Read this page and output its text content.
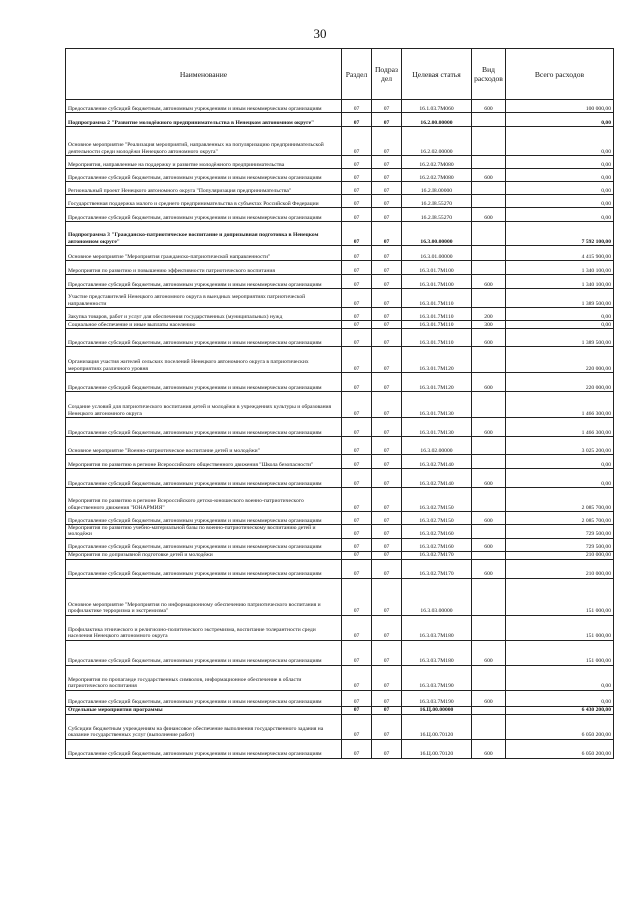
30
Наименование	Раздел	Подраз дел	Целевая статья	Вид расходов	Всего расходов
Предоставление субсидий бюджетным, автономным учреждениям и иным некоммерческим организациям	07	07	16.1.03.7M060	600	100 000,00
Подпрограмма 2 "Развитие молодёжного предпринимательства в Ненецком автономном округе"	07	07	16.2.00.00000		0,00
Основное мероприятие "Реализация мероприятий, направленных на популяризацию предпринимательской деятельности среди молодёжи Ненецкого автономного округа"	07	07	16.2.02.00000		0,00
Мероприятия, направленные на поддержку и развитие молодёжного предпринимательства	07	07	16.2.02.7M080		0,00
Предоставление субсидий бюджетным, автономным учреждениям и иным некоммерческим организациям	07	07	16.2.02.7M080	600	0,00
Региональный проект Ненецкого автономного округа "Популяризация предпринимательства"	07	07	16.2.I8.00000		0,00
Государственная поддержка малого и среднего предпринимательства в субъектах Российской Федерации	07	07	16.2.I8.55270		0,00
Предоставление субсидий бюджетным, автономным учреждениям и иным некоммерческим организациям	07	07	16.2.I8.55270	600	0,00
Подпрограмма 3 "Гражданско-патриотическое воспитание и допризывная подготовка в Ненецком автономном округе"	07	07	16.3.00.00000		7 592 100,00
Основное мероприятие "Мероприятия гражданско-патриотической направленности"	07	07	16.3.01.00000		4 415 900,00
Мероприятия по развитию и повышению эффективности патриотического воспитания	07	07	16.3.01.7M100		1 340 100,00
Предоставление субсидий бюджетным, автономным учреждениям и иным некоммерческим организациям	07	07	16.3.01.7M100	600	1 340 100,00
Участие представителей Ненецкого автономного округа в выездных мероприятиях патриотической направленности	07	07	16.3.01.7M110		1 389 500,00
Закупка товаров, работ и услуг для обеспечения государственных (муниципальных) нужд	07	07	16.3.01.7M110	200	0,00
Социальное обеспечение и иные выплаты населению	07	07	16.3.01.7M110	300	0,00
Предоставление субсидий бюджетным, автономным учреждениям и иным некоммерческим организациям	07	07	16.3.01.7M110	600	1 389 500,00
Организация участия жителей сельских поселений Ненецкого автономного округа в патриотических мероприятиях различного уровня	07	07	16.3.01.7M120		220 000,00
Предоставление субсидий бюджетным, автономным учреждениям и иным некоммерческим организациям	07	07	16.3.01.7M120	600	220 000,00
Создание условий для патриотического воспитания детей и молодёжи в учреждениях культуры и образования Ненецкого автономного округа	07	07	16.3.01.7M130		1 466 300,00
Предоставление субсидий бюджетным, автономным учреждениям и иным некоммерческим организациям	07	07	16.3.01.7M130	600	1 466 300,00
Основное мероприятие "Военно-патриотическое воспитание детей и молодёжи"	07	07	16.3.02.00000		3 025 200,00
Мероприятия по развитию в регионе Всероссийского общественного движения "Школа безопасности"	07	07	16.3.02.7M140		0,00
Предоставление субсидий бюджетным, автономным учреждениям и иным некоммерческим организациям	07	07	16.3.02.7M140	600	0,00
Мероприятия по развитию в регионе Всероссийского детско-юношеского военно-патриотического общественного движения "ЮНАРМИЯ"	07	07	16.3.02.7M150		2 085 700,00
Предоставление субсидий бюджетным, автономным учреждениям и иным некоммерческим организациям	07	07	16.3.02.7M150	600	2 085 700,00
Мероприятия по развитию учебно-материальной базы по военно-патриотическому воспитанию детей и молодёжи	07	07	16.3.02.7M160		729 500,00
Предоставление субсидий бюджетным, автономным учреждениям и иным некоммерческим организациям	07	07	16.3.02.7M160	600	729 500,00
Мероприятия по допризывной подготовке детей и молодёжи	07	07	16.3.02.7M170		210 000,00
Предоставление субсидий бюджетным, автономным учреждениям и иным некоммерческим организациям	07	07	16.3.02.7M170	600	210 000,00
Основное мероприятие "Мероприятия по информационному обеспечению патриотического воспитания и профилактике терроризма и экстремизма"	07	07	16.3.03.00000		151 000,00
Профилактика этнического и религиозно-политического экстремизма, воспитание толерантности среди населения Ненецкого автономного округа	07	07	16.3.03.7M180		151 000,00
Предоставление субсидий бюджетным, автономным учреждениям и иным некоммерческим организациям	07	07	16.3.03.7M180	600	151 000,00
Мероприятия по пропаганде государственных символов, информационное обеспечение в области патриотического воспитания	07	07	16.3.03.7M190		0,00
Предоставление субсидий бюджетным, автономным учреждениям и иным некоммерческим организациям	07	07	16.3.03.7M190	600	0,00
Отдельные мероприятия программы	07	07	16.Ц.00.00000		6 430 200,00
Субсидии бюджетным учреждениям на финансовое обеспечение выполнения государственного задания на оказание государственных услуг (выполнение работ)	07	07	16.Ц.00.70120		6 050 200,00
Предоставление субсидий бюджетным, автономным учреждениям и иным некоммерческим организациям	07	07	16.Ц.00.70120	600	6 050 200,00
